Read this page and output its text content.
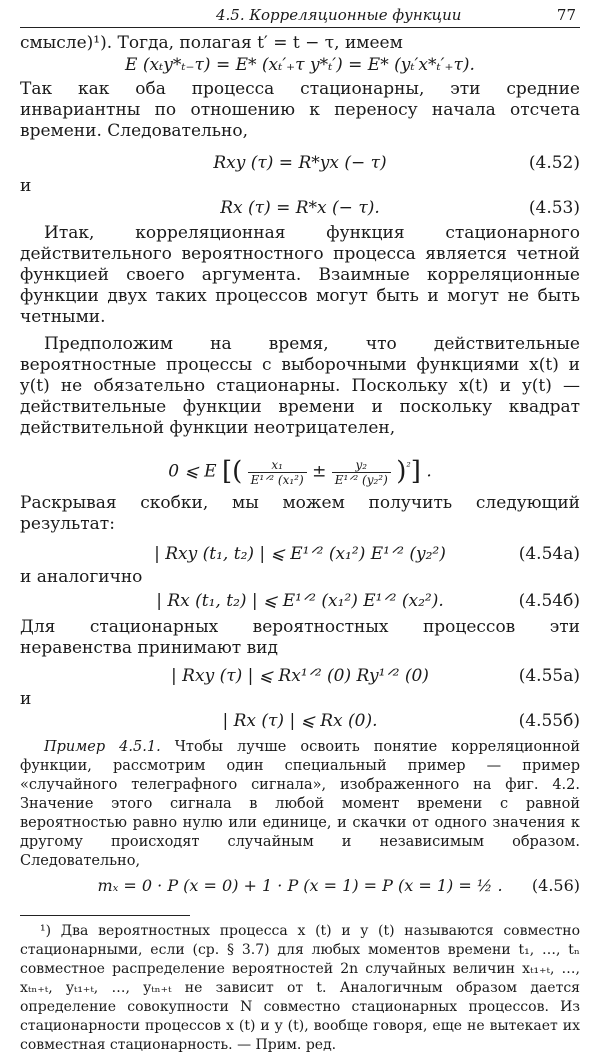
4.5. Корреляционные функции	77

смысле)¹). Тогда, полагая t′ = t − τ, имеем

E (xₜy*ₜ₋τ) = E* (xₜ′₊τ y*ₜ′) = E* (yₜ′x*ₜ′₊τ).

Так как оба процесса стационарны, эти средние инвариантны по отношению к переносу начала отсчета времени. Следовательно,

Rxy (τ) = R*yx (− τ)	(4.52)

и

Rx (τ) = R*x (− τ).	(4.53)

Итак, корреляционная функция стационарного действительного вероятностного процесса является четной функцией своего аргумента. Взаимные корреляционные функции двух таких процессов могут быть и могут не быть четными.

Предположим на время, что действительные вероятностные процессы с выборочными функциями x(t) и y(t) не обязательно стационарны. Поскольку x(t) и y(t) — действительные функции времени и поскольку квадрат действительной функции неотрицателен,

0 ⩽ E [( $\frac{\text{x₁}}{\text{E¹ᐟ² (x₁²)}} \pm \frac{\text{y₂}}{\text{E¹ᐟ² (y₂²)}} )^{^2}$] .

Раскрывая скобки, мы можем получить следующий результат:

| Rxy (t₁, t₂) | ⩽ E¹ᐟ² (x₁²) E¹ᐟ² (y₂²)	(4.54а)

и аналогично

| Rx (t₁, t₂) | ⩽ E¹ᐟ² (x₁²) E¹ᐟ² (x₂²).	(4.54б)

Для стационарных вероятностных процессов эти неравенства принимают вид

| Rxy (τ) | ⩽ Rx¹ᐟ² (0) Ry¹ᐟ² (0)	(4.55а)

и

| Rx (τ) | ⩽ Rx (0).	(4.55б)

Пример 4.5.1. Чтобы лучше освоить понятие корреляционной функции, рассмотрим один специальный пример — пример «случайного телеграфного сигнала», изображенного на фиг. 4.2. Значение этого сигнала в любой момент времени с равной вероятностью равно нулю или единице, и скачки от одного значения к другому происходят случайным и независимым образом. Следовательно,

mₓ = 0 · P (x = 0) + 1 · P (x = 1) = P (x = 1) = ½ .	(4.56)

¹) Два вероятностных процесса x (t) и y (t) называются совместно стационарными, если (ср. § 3.7) для любых моментов времени t₁, …, tₙ совместное распределение вероятностей 2n случайных величин xₜ₁₊ₜ, …, xₜₙ₊ₜ, yₜ₁₊ₜ, …, yₜₙ₊ₜ не зависит от t. Аналогичным образом дается определение совокупности N совместно стационарных процессов. Из стационарности процессов x (t) и y (t), вообще говоря, еще не вытекает их совместная стационарность. — Прим. ред.
